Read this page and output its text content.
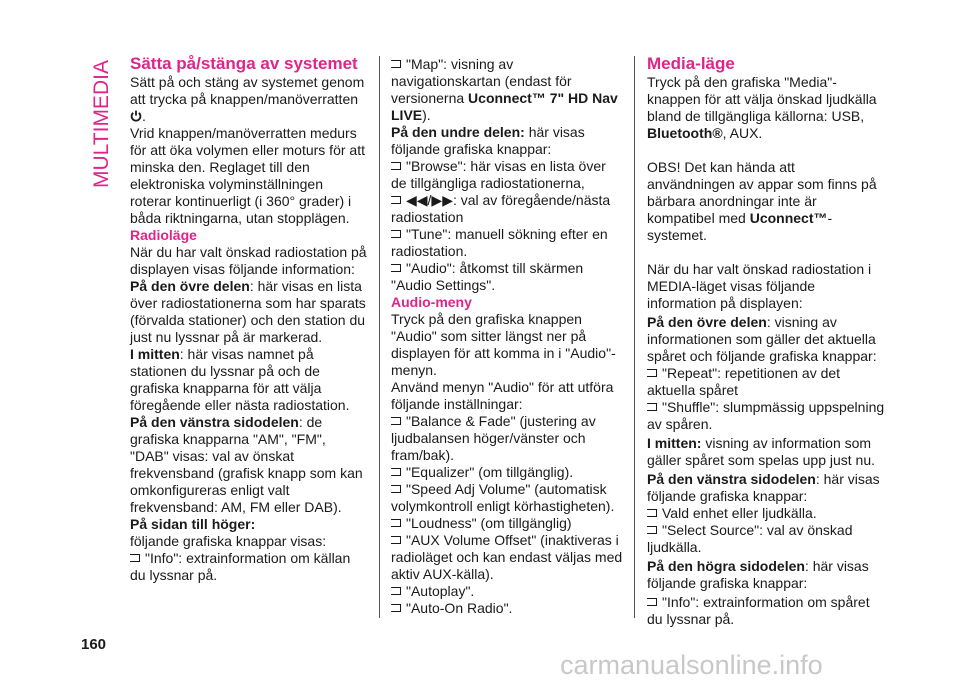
MULTIMEDIA Sätta på/stänga av systemet

Sätt på och stäng av systemet genom att trycka på knappen/manöverratten
.

Vrid knappen/manöverratten medurs för att öka volymen eller moturs för att minska den. Reglaget till den elektroniska volyminställningen roterar kontinuerligt (i 360° grader) i båda riktningarna, utan stopplägen.

Radioläge

När du har valt önskad radiostation på displayen visas följande information:

På den övre delen: här visas en lista över radiostationerna som har sparats (förvalda stationer) och den station du just nu lyssnar på är markerad.

I mitten: här visas namnet på stationen du lyssnar på och de grafiska knapparna för att välja föregående eller nästa radiostation.

På den vänstra sidodelen: de grafiska knapparna "AM", "FM", "DAB" visas: val av önskat frekvensband (grafisk knapp som kan omkonfigureras enligt valt frekvensband: AM, FM eller DAB).

På sidan till höger:

följande grafiska knappar visas:

"Info": extrainformation om källan du lyssnar på.

"Map": visning av navigationskartan (endast för versionerna Uconnect™ 7" HD Nav LIVE).

På den undre delen: här visas följande grafiska knappar:

"Browse": här visas en lista över de tillgängliga radiostationerna,

◀◀/▶▶: val av föregående/nästa radiostation

"Tune": manuell sökning efter en radiostation.

"Audio": åtkomst till skärmen "Audio Settings".

Audio-meny

Tryck på den grafiska knappen "Audio" som sitter längst ner på displayen för att komma in i "Audio"-menyn.

Använd menyn "Audio" för att utföra följande inställningar:

"Balance & Fade" (justering av ljudbalansen höger/vänster och fram/bak).

"Equalizer" (om tillgänglig).

"Speed Adj Volume" (automatisk volymkontroll enligt körhastigheten).

"Loudness" (om tillgänglig)

"AUX Volume Offset" (inaktiveras i radioläget och kan endast väljas med aktiv AUX-källa).

"Autoplay".

"Auto-On Radio".

Media-läge

Tryck på den grafiska "Media"-knappen för att välja önskad ljudkälla bland de tillgängliga källorna: USB, Bluetooth®, AUX.

OBS! Det kan hända att användningen av appar som finns på bärbara anordningar inte är kompatibel med Uconnect™-systemet.

När du har valt önskad radiostation i MEDIA-läget visas följande information på displayen:

På den övre delen: visning av informationen som gäller det aktuella spåret och följande grafiska knappar:

"Repeat": repetitionen av det aktuella spåret

"Shuffle": slumpmässig uppspelning av spåren.

I mitten: visning av information som gäller spåret som spelas upp just nu.

På den vänstra sidodelen: här visas följande grafiska knappar:

Vald enhet eller ljudkälla.

"Select Source": val av önskad ljudkälla.

På den högra sidodelen: här visas följande grafiska knappar:

"Info": extrainformation om spåret du lyssnar på.

160
carmanualsonline.info
